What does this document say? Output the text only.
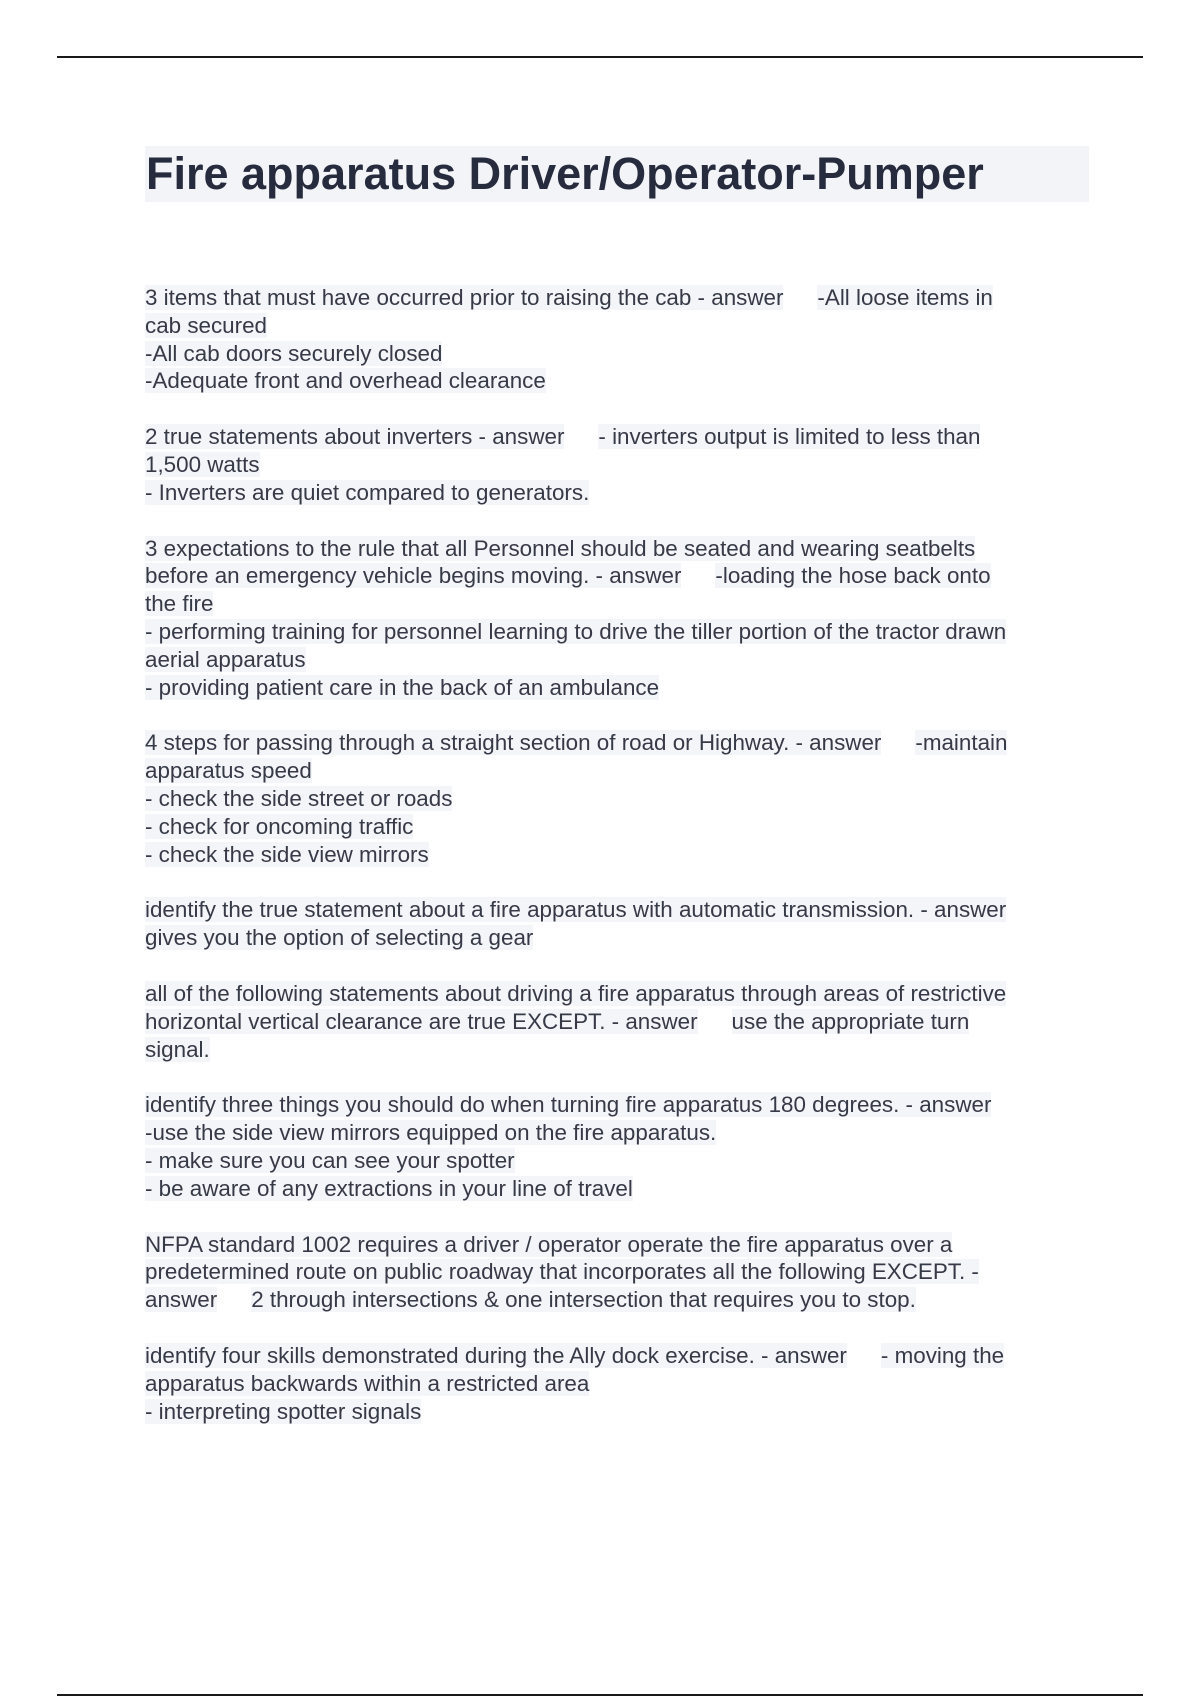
Fire apparatus Driver/Operator-Pumper
3 items that must have occurred prior to raising the cab - answer -All loose items in
cab secured
-All cab doors securely closed
-Adequate front and overhead clearance
2 true statements about inverters - answer - inverters output is limited to less than
1,500 watts
- Inverters are quiet compared to generators.
3 expectations to the rule that all Personnel should be seated and wearing seatbelts
before an emergency vehicle begins moving. - answer -loading the hose back onto
the fire
- performing training for personnel learning to drive the tiller portion of the tractor drawn
aerial apparatus
- providing patient care in the back of an ambulance
4 steps for passing through a straight section of road or Highway. - answer -maintain
apparatus speed
- check the side street or roads
- check for oncoming traffic
- check the side view mirrors
identify the true statement about a fire apparatus with automatic transmission. - answer
gives you the option of selecting a gear
all of the following statements about driving a fire apparatus through areas of restrictive
horizontal vertical clearance are true EXCEPT. - answer use the appropriate turn
signal.
identify three things you should do when turning fire apparatus 180 degrees. - answer
-use the side view mirrors equipped on the fire apparatus.
- make sure you can see your spotter
- be aware of any extractions in your line of travel
NFPA standard 1002 requires a driver / operator operate the fire apparatus over a
predetermined route on public roadway that incorporates all the following EXCEPT. -
answer 2 through intersections & one intersection that requires you to stop.
identify four skills demonstrated during the Ally dock exercise. - answer - moving the
apparatus backwards within a restricted area
- interpreting spotter signals
